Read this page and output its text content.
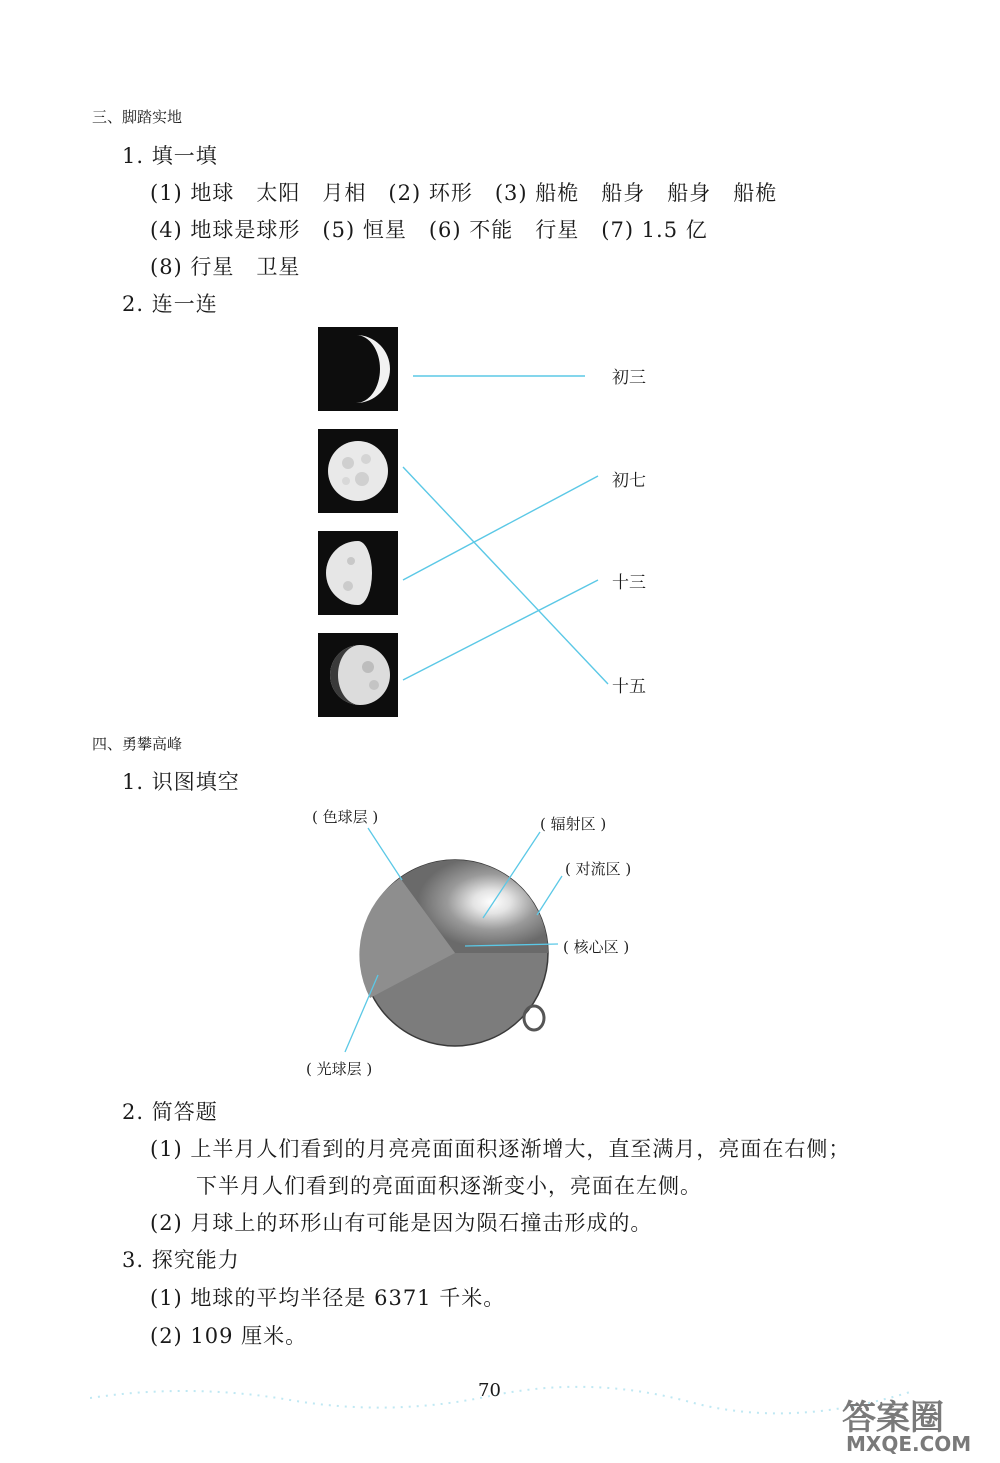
三、脚踏实地
1. 填一填
(1) 地球　太阳　月相　(2) 环形　(3) 船桅　船身　船身　船桅
(4) 地球是球形　(5) 恒星　(6) 不能　行星　(7) 1.5 亿
(8) 行星　卫星
2. 连一连
初三
初七
十三
十五
四、勇攀高峰
1. 识图填空
( 色球层 )	( 辐射区 )
( 对流区 )
( 核心区 )
( 光球层 )
2. 简答题
(1) 上半月人们看到的月亮亮面面积逐渐增大，直至满月，亮面在右侧；
下半月人们看到的亮面面积逐渐变小，亮面在左侧。
(2) 月球上的环形山有可能是因为陨石撞击形成的。
3. 探究能力
(1) 地球的平均半径是 6371 千米。
(2) 109 厘米。
70
答案圈
MXQE.COM
